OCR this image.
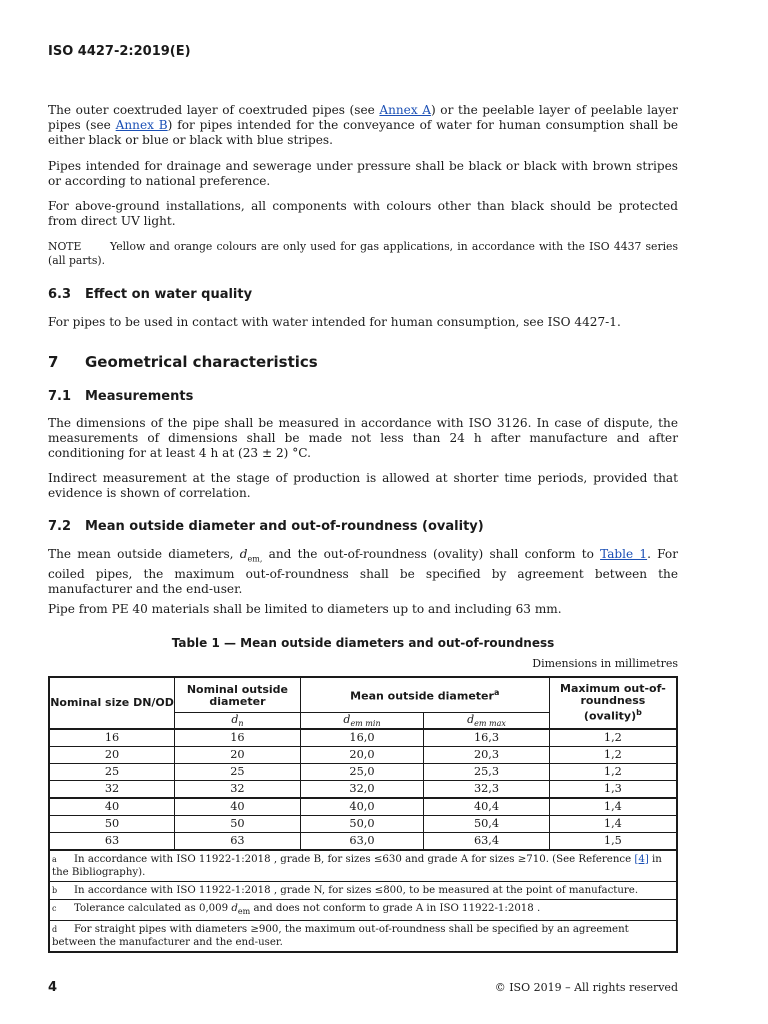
ISO 4427-2:2019(E)

The outer coextruded layer of coextruded pipes (see Annex A) or the peelable layer of peelable layer pipes (see Annex B) for pipes intended for the conveyance of water for human consumption shall be either black or blue or black with blue stripes.

Pipes intended for drainage and sewerage under pressure shall be black or black with brown stripes or according to national preference.

For above-ground installations, all components with colours other than black should be protected from direct UV light.

NOTE	Yellow and orange colours are only used for gas applications, in accordance with the ISO 4437 series (all parts).

6.3 Effect on water quality

For pipes to be used in contact with water intended for human consumption, see ISO 4427-1.

7 Geometrical characteristics
7.1 Measurements

The dimensions of the pipe shall be measured in accordance with ISO 3126. In case of dispute, the measurements of dimensions shall be made not less than 24 h after manufacture and after conditioning for at least 4 h at (23 ± 2) °C.

Indirect measurement at the stage of production is allowed at shorter time periods, provided that evidence is shown of correlation.

7.2 Mean outside diameter and out-of-roundness (ovality)

The mean outside diameters, $d_{em,}$ and the out-of-roundness (ovality) shall conform to Table 1. For coiled pipes, the maximum out-of-roundness shall be specified by agreement between the manufacturer and the end-user.

Pipe from PE 40 materials shall be limited to diameters up to and including 63 mm.

Table 1 — Mean outside diameters and out-of-roundness
Dimensions in millimetres
Nominal size DN/OD	Nominal outside diameter	Mean outside diameter$^a$		Maximum out-of-roundness (ovality)$^b$
	$d_n$	$d_{em min}$	$d_{em max}$
16	16	16,0	16,3	1,2
20	20	20,0	20,3	1,2
25	25	25,0	25,3	1,2
32	32	32,0	32,3	1,3
40	40	40,0	40,4	1,4
50	50	50,0	50,4	1,4
63	63	63,0	63,4	1,5
a In accordance with ISO 11922-1:2018 , grade B, for sizes ≤630 and grade A for sizes ≥710. (See Reference [4] in the Bibliography).				
b In accordance with ISO 11922-1:2018 , grade N, for sizes ≤800, to be measured at the point of manufacture.				
c Tolerance calculated as 0,009 $d_{em}$ and does not conform to grade A in ISO 11922-1:2018 .				
d For straight pipes with diameters ≥900, the maximum out-of-roundness shall be specified by an agreement between the manufacturer and the end-user.				
4	© ISO 2019 – All rights reserved
